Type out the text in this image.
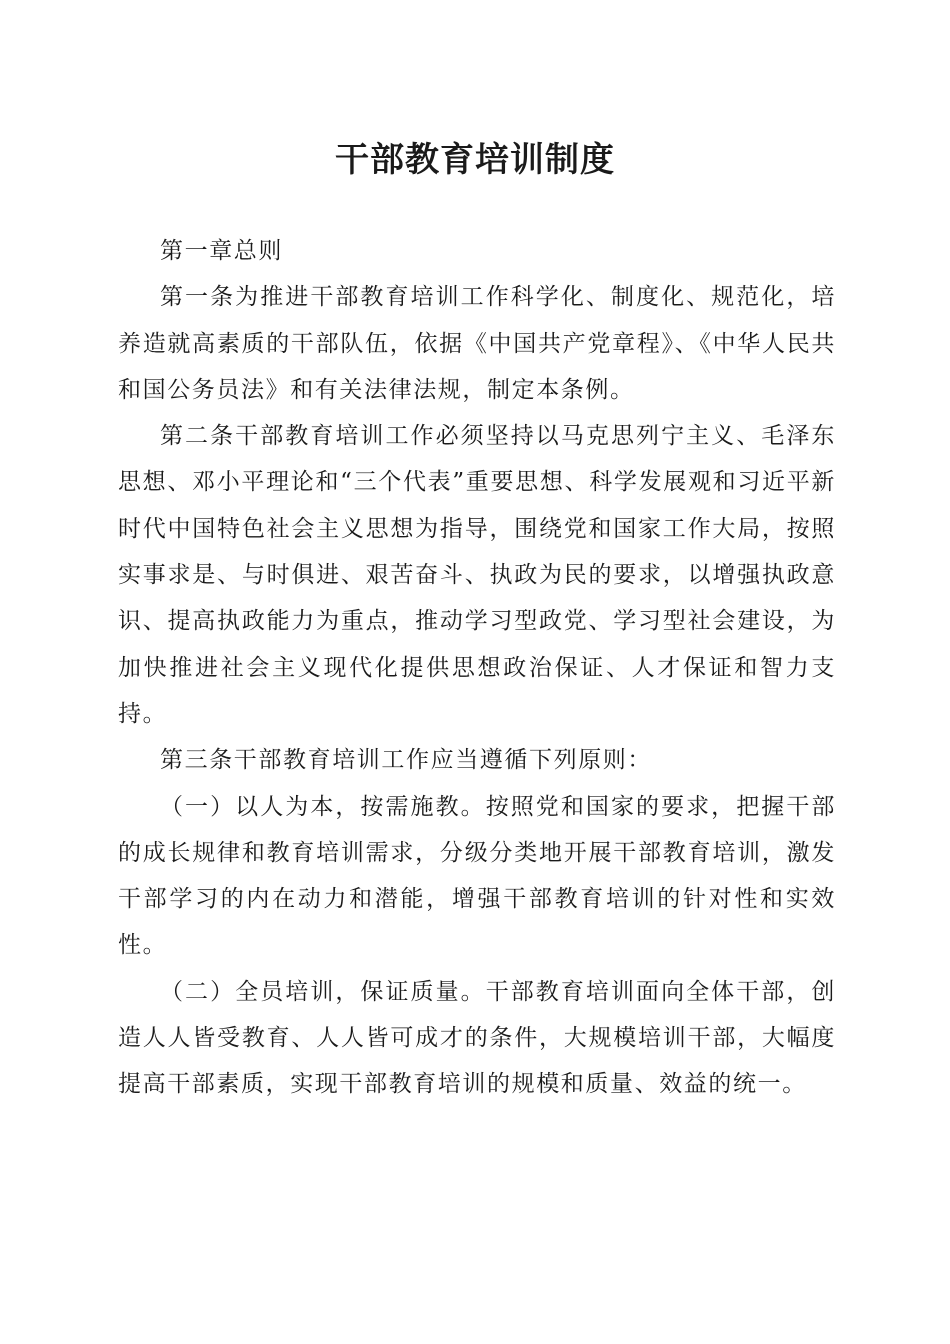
干部教育培训制度

第一章总则

第一条为推进干部教育培训工作科学化、制度化、规范化，培养造就高素质的干部队伍，依据《中国共产党章程》、《中华人民共和国公务员法》和有关法律法规，制定本条例。

第二条干部教育培训工作必须坚持以马克思列宁主义、毛泽东思想、邓小平理论和“三个代表”重要思想、科学发展观和习近平新时代中国特色社会主义思想为指导，围绕党和国家工作大局，按照实事求是、与时俱进、艰苦奋斗、执政为民的要求，以增强执政意识、提高执政能力为重点，推动学习型政党、学习型社会建设，为加快推进社会主义现代化提供思想政治保证、人才保证和智力支持。

第三条干部教育培训工作应当遵循下列原则：

（一）以人为本，按需施教。按照党和国家的要求，把握干部的成长规律和教育培训需求，分级分类地开展干部教育培训，激发干部学习的内在动力和潜能，增强干部教育培训的针对性和实效性。

（二）全员培训，保证质量。干部教育培训面向全体干部，创造人人皆受教育、人人皆可成才的条件，大规模培训干部，大幅度提高干部素质，实现干部教育培训的规模和质量、效益的统一。
